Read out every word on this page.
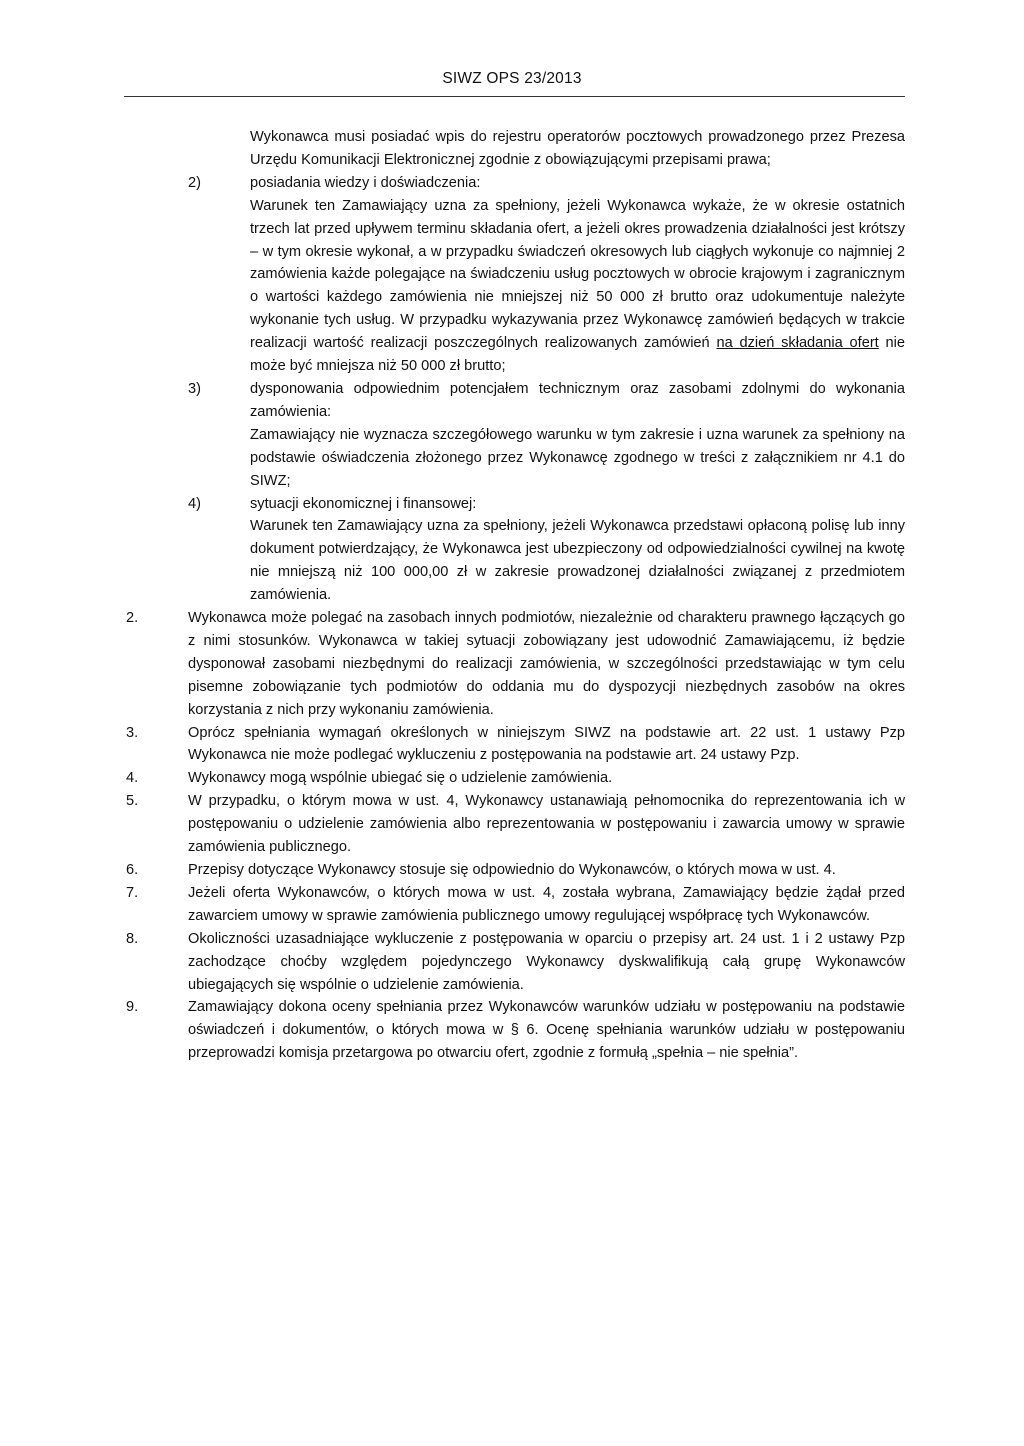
SIWZ OPS 23/2013

Wykonawca musi posiadać wpis do rejestru operatorów pocztowych prowadzonego przez Prezesa Urzędu Komunikacji Elektronicznej zgodnie z obowiązującymi przepisami prawa;

2)	posiadania wiedzy i doświadczenia:
Warunek ten Zamawiający uzna za spełniony, jeżeli Wykonawca wykaże, że w okresie ostatnich trzech lat przed upływem terminu składania ofert, a jeżeli okres prowadzenia działalności jest krótszy – w tym okresie wykonał, a w przypadku świadczeń okresowych lub ciągłych wykonuje co najmniej 2 zamówienia każde polegające na świadczeniu usług pocztowych w obrocie krajowym i zagranicznym o wartości każdego zamówienia nie mniejszej niż 50 000 zł brutto oraz udokumentuje należyte wykonanie tych usług. W przypadku wykazywania przez Wykonawcę zamówień będących w trakcie realizacji wartość realizacji poszczególnych realizowanych zamówień na dzień składania ofert nie może być mniejsza niż 50 000 zł brutto;
3)	dysponowania odpowiednim potencjałem technicznym oraz zasobami zdolnymi do wykonania zamówienia:
Zamawiający nie wyznacza szczegółowego warunku w tym zakresie i uzna warunek za spełniony na podstawie oświadczenia złożonego przez Wykonawcę zgodnego w treści z załącznikiem nr 4.1 do SIWZ;
4)	sytuacji ekonomicznej i finansowej:
Warunek ten Zamawiający uzna za spełniony, jeżeli Wykonawca przedstawi opłaconą polisę lub inny dokument potwierdzający, że Wykonawca jest ubezpieczony od odpowiedzialności cywilnej na kwotę nie mniejszą niż 100 000,00 zł w zakresie prowadzonej działalności związanej z przedmiotem zamówienia.
2.	Wykonawca może polegać na zasobach innych podmiotów, niezależnie od charakteru prawnego łączących go z nimi stosunków. Wykonawca w takiej sytuacji zobowiązany jest udowodnić Zamawiającemu, iż będzie dysponował zasobami niezbędnymi do realizacji zamówienia, w szczególności przedstawiając w tym celu pisemne zobowiązanie tych podmiotów do oddania mu do dyspozycji niezbędnych zasobów na okres korzystania z nich przy wykonaniu zamówienia.
3.	Oprócz spełniania wymagań określonych w niniejszym SIWZ na podstawie art. 22 ust. 1 ustawy Pzp Wykonawca nie może podlegać wykluczeniu z postępowania na podstawie art. 24 ustawy Pzp.
4.	Wykonawcy mogą wspólnie ubiegać się o udzielenie zamówienia.
5.	W przypadku, o którym mowa w ust. 4, Wykonawcy ustanawiają pełnomocnika do reprezentowania ich w postępowaniu o udzielenie zamówienia albo reprezentowania w postępowaniu i zawarcia umowy w sprawie zamówienia publicznego.
6.	Przepisy dotyczące Wykonawcy stosuje się odpowiednio do Wykonawców, o których mowa w ust. 4.
7.	Jeżeli oferta Wykonawców, o których mowa w ust. 4, została wybrana, Zamawiający będzie żądał przed zawarciem umowy w sprawie zamówienia publicznego umowy regulującej współpracę tych Wykonawców.
8.	Okoliczności uzasadniające wykluczenie z postępowania w oparciu o przepisy art. 24 ust. 1 i 2 ustawy Pzp zachodzące choćby względem pojedynczego Wykonawcy dyskwalifikują całą grupę Wykonawców ubiegających się wspólnie o udzielenie zamówienia.
9.	Zamawiający dokona oceny spełniania przez Wykonawców warunków udziału w postępowaniu na podstawie oświadczeń i dokumentów, o których mowa w § 6. Ocenę spełniania warunków udziału w postępowaniu przeprowadzi komisja przetargowa po otwarciu ofert, zgodnie z formułą „spełnia – nie spełnia”.
